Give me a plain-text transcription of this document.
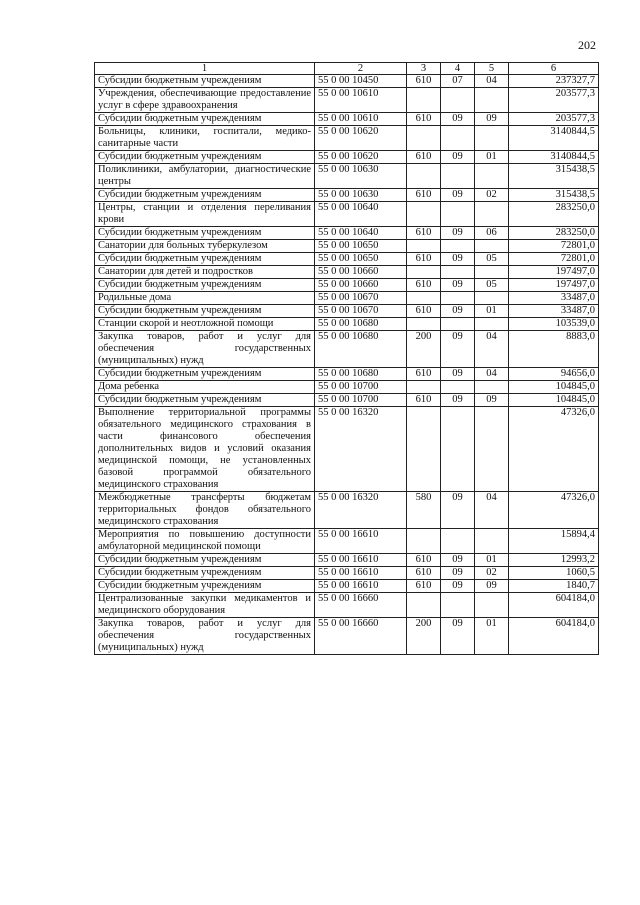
202
1	2	3	4	5	6
Субсидии бюджетным учреждениям	55 0 00 10450	610	07	04	237327,7
Учреждения, обеспечивающие предоставление услуг в сфере здравоохранения	55 0 00 10610				203577,3
Субсидии бюджетным учреждениям	55 0 00 10610	610	09	09	203577,3
Больницы, клиники, госпитали, медико-санитарные части	55 0 00 10620				3140844,5
Субсидии бюджетным учреждениям	55 0 00 10620	610	09	01	3140844,5
Поликлиники, амбулатории, диагностические центры	55 0 00 10630				315438,5
Субсидии бюджетным учреждениям	55 0 00 10630	610	09	02	315438,5
Центры, станции и отделения переливания крови	55 0 00 10640				283250,0
Субсидии бюджетным учреждениям	55 0 00 10640	610	09	06	283250,0
Санатории для больных туберкулезом	55 0 00 10650				72801,0
Субсидии бюджетным учреждениям	55 0 00 10650	610	09	05	72801,0
Санатории для детей и подростков	55 0 00 10660				197497,0
Субсидии бюджетным учреждениям	55 0 00 10660	610	09	05	197497,0
Родильные дома	55 0 00 10670				33487,0
Субсидии бюджетным учреждениям	55 0 00 10670	610	09	01	33487,0
Станции скорой и неотложной помощи	55 0 00 10680				103539,0
Закупка товаров, работ и услуг для обеспечения государственных (муниципальных) нужд	55 0 00 10680	200	09	04	8883,0
Субсидии бюджетным учреждениям	55 0 00 10680	610	09	04	94656,0
Дома ребенка	55 0 00 10700				104845,0
Субсидии бюджетным учреждениям	55 0 00 10700	610	09	09	104845,0
Выполнение территориальной программы обязательного медицинского страхования в части финансового обеспечения дополнительных видов и условий оказания медицинской помощи, не установленных базовой программой обязательного медицинского страхования	55 0 00 16320				47326,0
Межбюджетные трансферты бюджетам территориальных фондов обязательного медицинского страхования	55 0 00 16320	580	09	04	47326,0
Мероприятия по повышению доступности амбулаторной медицинской помощи	55 0 00 16610				15894,4
Субсидии бюджетным учреждениям	55 0 00 16610	610	09	01	12993,2
Субсидии бюджетным учреждениям	55 0 00 16610	610	09	02	1060,5
Субсидии бюджетным учреждениям	55 0 00 16610	610	09	09	1840,7
Централизованные закупки медикаментов и медицинского оборудования	55 0 00 16660				604184,0
Закупка товаров, работ и услуг для обеспечения государственных (муниципальных) нужд	55 0 00 16660	200	09	01	604184,0
